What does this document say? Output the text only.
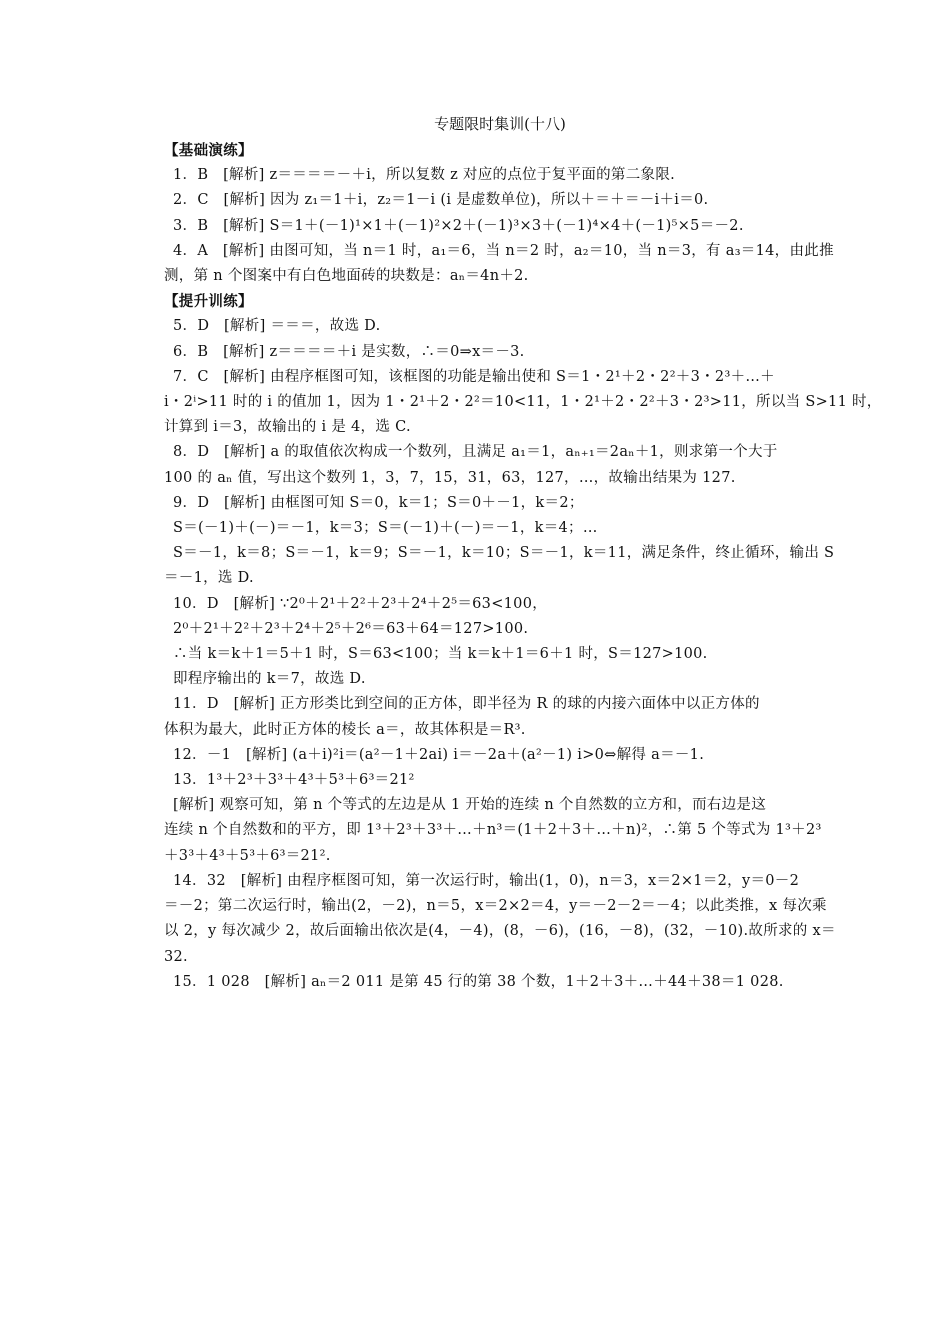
专题限时集训(十八)
【基础演练】
1．B　[解析] z＝＝＝＝－＋i，所以复数 z 对应的点位于复平面的第二象限.
2．C　[解析] 因为 z₁＝1＋i，z₂＝1－i (i 是虚数单位)，所以＋＝＋＝－i＋i＝0.
3．B　[解析] S＝1＋(－1)¹×1＋(－1)²×2＋(－1)³×3＋(－1)⁴×4＋(－1)⁵×5＝－2.
4．A　[解析] 由图可知，当 n＝1 时，a₁＝6，当 n＝2 时，a₂＝10，当 n＝3，有 a₃＝14，由此推
测，第 n 个图案中有白色地面砖的块数是：aₙ＝4n＋2.
【提升训练】
5．D　[解析] ＝＝＝，故选 D.
6．B　[解析] z＝＝＝＝＋i 是实数，∴＝0⇒x＝－3.
7．C　[解析] 由程序框图可知，该框图的功能是输出使和 S＝1・2¹＋2・2²＋3・2³＋…＋
i・2ⁱ>11 时的 i 的值加 1，因为 1・2¹＋2・2²＝10<11，1・2¹＋2・2²＋3・2³>11，所以当 S>11 时，
计算到 i＝3，故输出的 i 是 4，选 C.
8．D　[解析] a 的取值依次构成一个数列，且满足 a₁＝1，aₙ₊₁＝2aₙ＋1，则求第一个大于
100 的 aₙ 值，写出这个数列 1，3，7，15，31，63，127，…，故输出结果为 127.
9．D　[解析] 由框图可知 S＝0，k＝1；S＝0＋－1，k＝2；
S＝(－1)＋(－)＝－1，k＝3；S＝(－1)＋(－)＝－1，k＝4；…
S＝－1，k＝8；S＝－1，k＝9；S＝－1，k＝10；S＝－1，k＝11，满足条件，终止循环，输出 S
＝－1，选 D.
10．D　[解析] ∵2⁰＋2¹＋2²＋2³＋2⁴＋2⁵＝63<100，
2⁰＋2¹＋2²＋2³＋2⁴＋2⁵＋2⁶＝63＋64＝127>100.
∴当 k＝k＋1＝5＋1 时，S＝63<100；当 k＝k＋1＝6＋1 时，S＝127>100.
即程序输出的 k＝7，故选 D.
11．D　[解析] 正方形类比到空间的正方体，即半径为 R 的球的内接六面体中以正方体的
体积为最大，此时正方体的棱长 a＝，故其体积是＝R³.
12．－1　[解析] (a＋i)²i＝(a²－1＋2ai) i＝－2a＋(a²－1) i>0⇔解得 a＝－1.
13．1³＋2³＋3³＋4³＋5³＋6³＝21²
[解析] 观察可知，第 n 个等式的左边是从 1 开始的连续 n 个自然数的立方和，而右边是这
连续 n 个自然数和的平方，即 1³＋2³＋3³＋…＋n³＝(1＋2＋3＋…＋n)²，∴第 5 个等式为 1³＋2³
＋3³＋4³＋5³＋6³＝21².
14．32　[解析] 由程序框图可知，第一次运行时，输出(1，0)，n＝3，x＝2×1＝2，y＝0－2
＝－2；第二次运行时，输出(2，－2)，n＝5，x＝2×2＝4，y＝－2－2＝－4；以此类推，x 每次乘
以 2，y 每次减少 2，故后面输出依次是(4，－4)，(8，－6)，(16，－8)，(32，－10).故所求的 x＝
32.
15．1 028　[解析] aₙ＝2 011 是第 45 行的第 38 个数，1＋2＋3＋…＋44＋38＝1 028.
